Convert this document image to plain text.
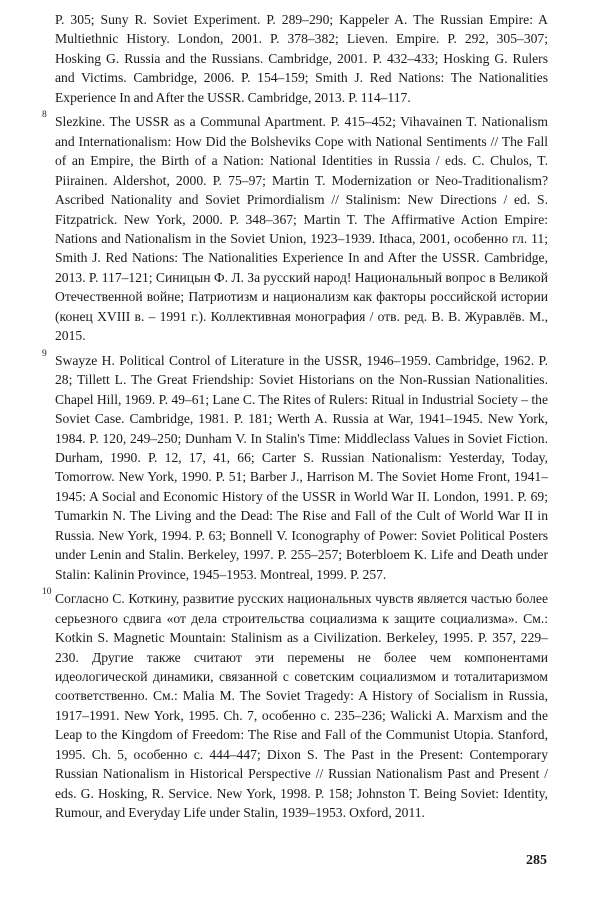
P. 305; Suny R. Soviet Experiment. P. 289–290; Kappeler A. The Russian Empire: A Multiethnic History. London, 2001. P. 378–382; Lieven. Empire. P. 292, 305–307; Hosking G. Russia and the Russians. Cambridge, 2001. P. 432–433; Hosking G. Rulers and Victims. Cambridge, 2006. P. 154–159; Smith J. Red Nations: The Nationalities Experience In and After the USSR. Cambridge, 2013. P. 114–117.

8 Slezkine. The USSR as a Communal Apartment. P. 415–452; Vihavainen T. Nationalism and Internationalism: How Did the Bolsheviks Cope with National Sentiments // The Fall of an Empire, the Birth of a Nation: National Identities in Russia / eds. C. Chulos, T. Piirainen. Aldershot, 2000. P. 75–97; Martin T. Modernization or Neo-Traditionalism? Ascribed Nationality and Soviet Primordialism // Stalinism: New Directions / ed. S. Fitzpatrick. New York, 2000. P. 348–367; Martin T. The Affirmative Action Empire: Nations and Nationalism in the Soviet Union, 1923–1939. Ithaca, 2001, особенно гл. 11; Smith J. Red Nations: The Nationalities Experience In and After the USSR. Cambridge, 2013. P. 117–121; Синицын Ф. Л. За русский народ! Национальный вопрос в Великой Отечественной войне; Патриотизм и национализм как факторы российской истории (конец XVIII в. – 1991 г.). Коллективная монография / отв. ред. В. В. Журавлёв. М., 2015.

9 Swayze H. Political Control of Literature in the USSR, 1946–1959. Cambridge, 1962. P. 28; Tillett L. The Great Friendship: Soviet Historians on the Non-Russian Nationalities. Chapel Hill, 1969. P. 49–61; Lane C. The Rites of Rulers: Ritual in Industrial Society – the Soviet Case. Cambridge, 1981. P. 181; Werth A. Russia at War, 1941–1945. New York, 1984. P. 120, 249–250; Dunham V. In Stalin's Time: Middleclass Values in Soviet Fiction. Durham, 1990. P. 12, 17, 41, 66; Carter S. Russian Nationalism: Yesterday, Today, Tomorrow. New York, 1990. P. 51; Barber J., Harrison M. The Soviet Home Front, 1941–1945: A Social and Economic History of the USSR in World War II. London, 1991. P. 69; Tumarkin N. The Living and the Dead: The Rise and Fall of the Cult of World War II in Russia. New York, 1994. P. 63; Bonnell V. Iconography of Power: Soviet Political Posters under Lenin and Stalin. Berkeley, 1997. P. 255–257; Boterbloem K. Life and Death under Stalin: Kalinin Province, 1945–1953. Montreal, 1999. P. 257.

10 Согласно С. Коткину, развитие русских национальных чувств является частью более серьезного сдвига «от дела строительства социализма к защите социализма». См.: Kotkin S. Magnetic Mountain: Stalinism as a Civilization. Berkeley, 1995. P. 357, 229–230. Другие также считают эти перемены не более чем компонентами идеологической динамики, связанной с советским социализмом и тоталитаризмом соответственно. См.: Malia M. The Soviet Tragedy: A History of Socialism in Russia, 1917–1991. New York, 1995. Ch. 7, особенно с. 235–236; Walicki A. Marxism and the Leap to the Kingdom of Freedom: The Rise and Fall of the Communist Utopia. Stanford, 1995. Ch. 5, особенно с. 444–447; Dixon S. The Past in the Present: Contemporary Russian Nationalism in Historical Perspective // Russian Nationalism Past and Present / eds. G. Hosking, R. Service. New York, 1998. P. 158; Johnston T. Being Soviet: Identity, Rumour, and Everyday Life under Stalin, 1939–1953. Oxford, 2011.

285
